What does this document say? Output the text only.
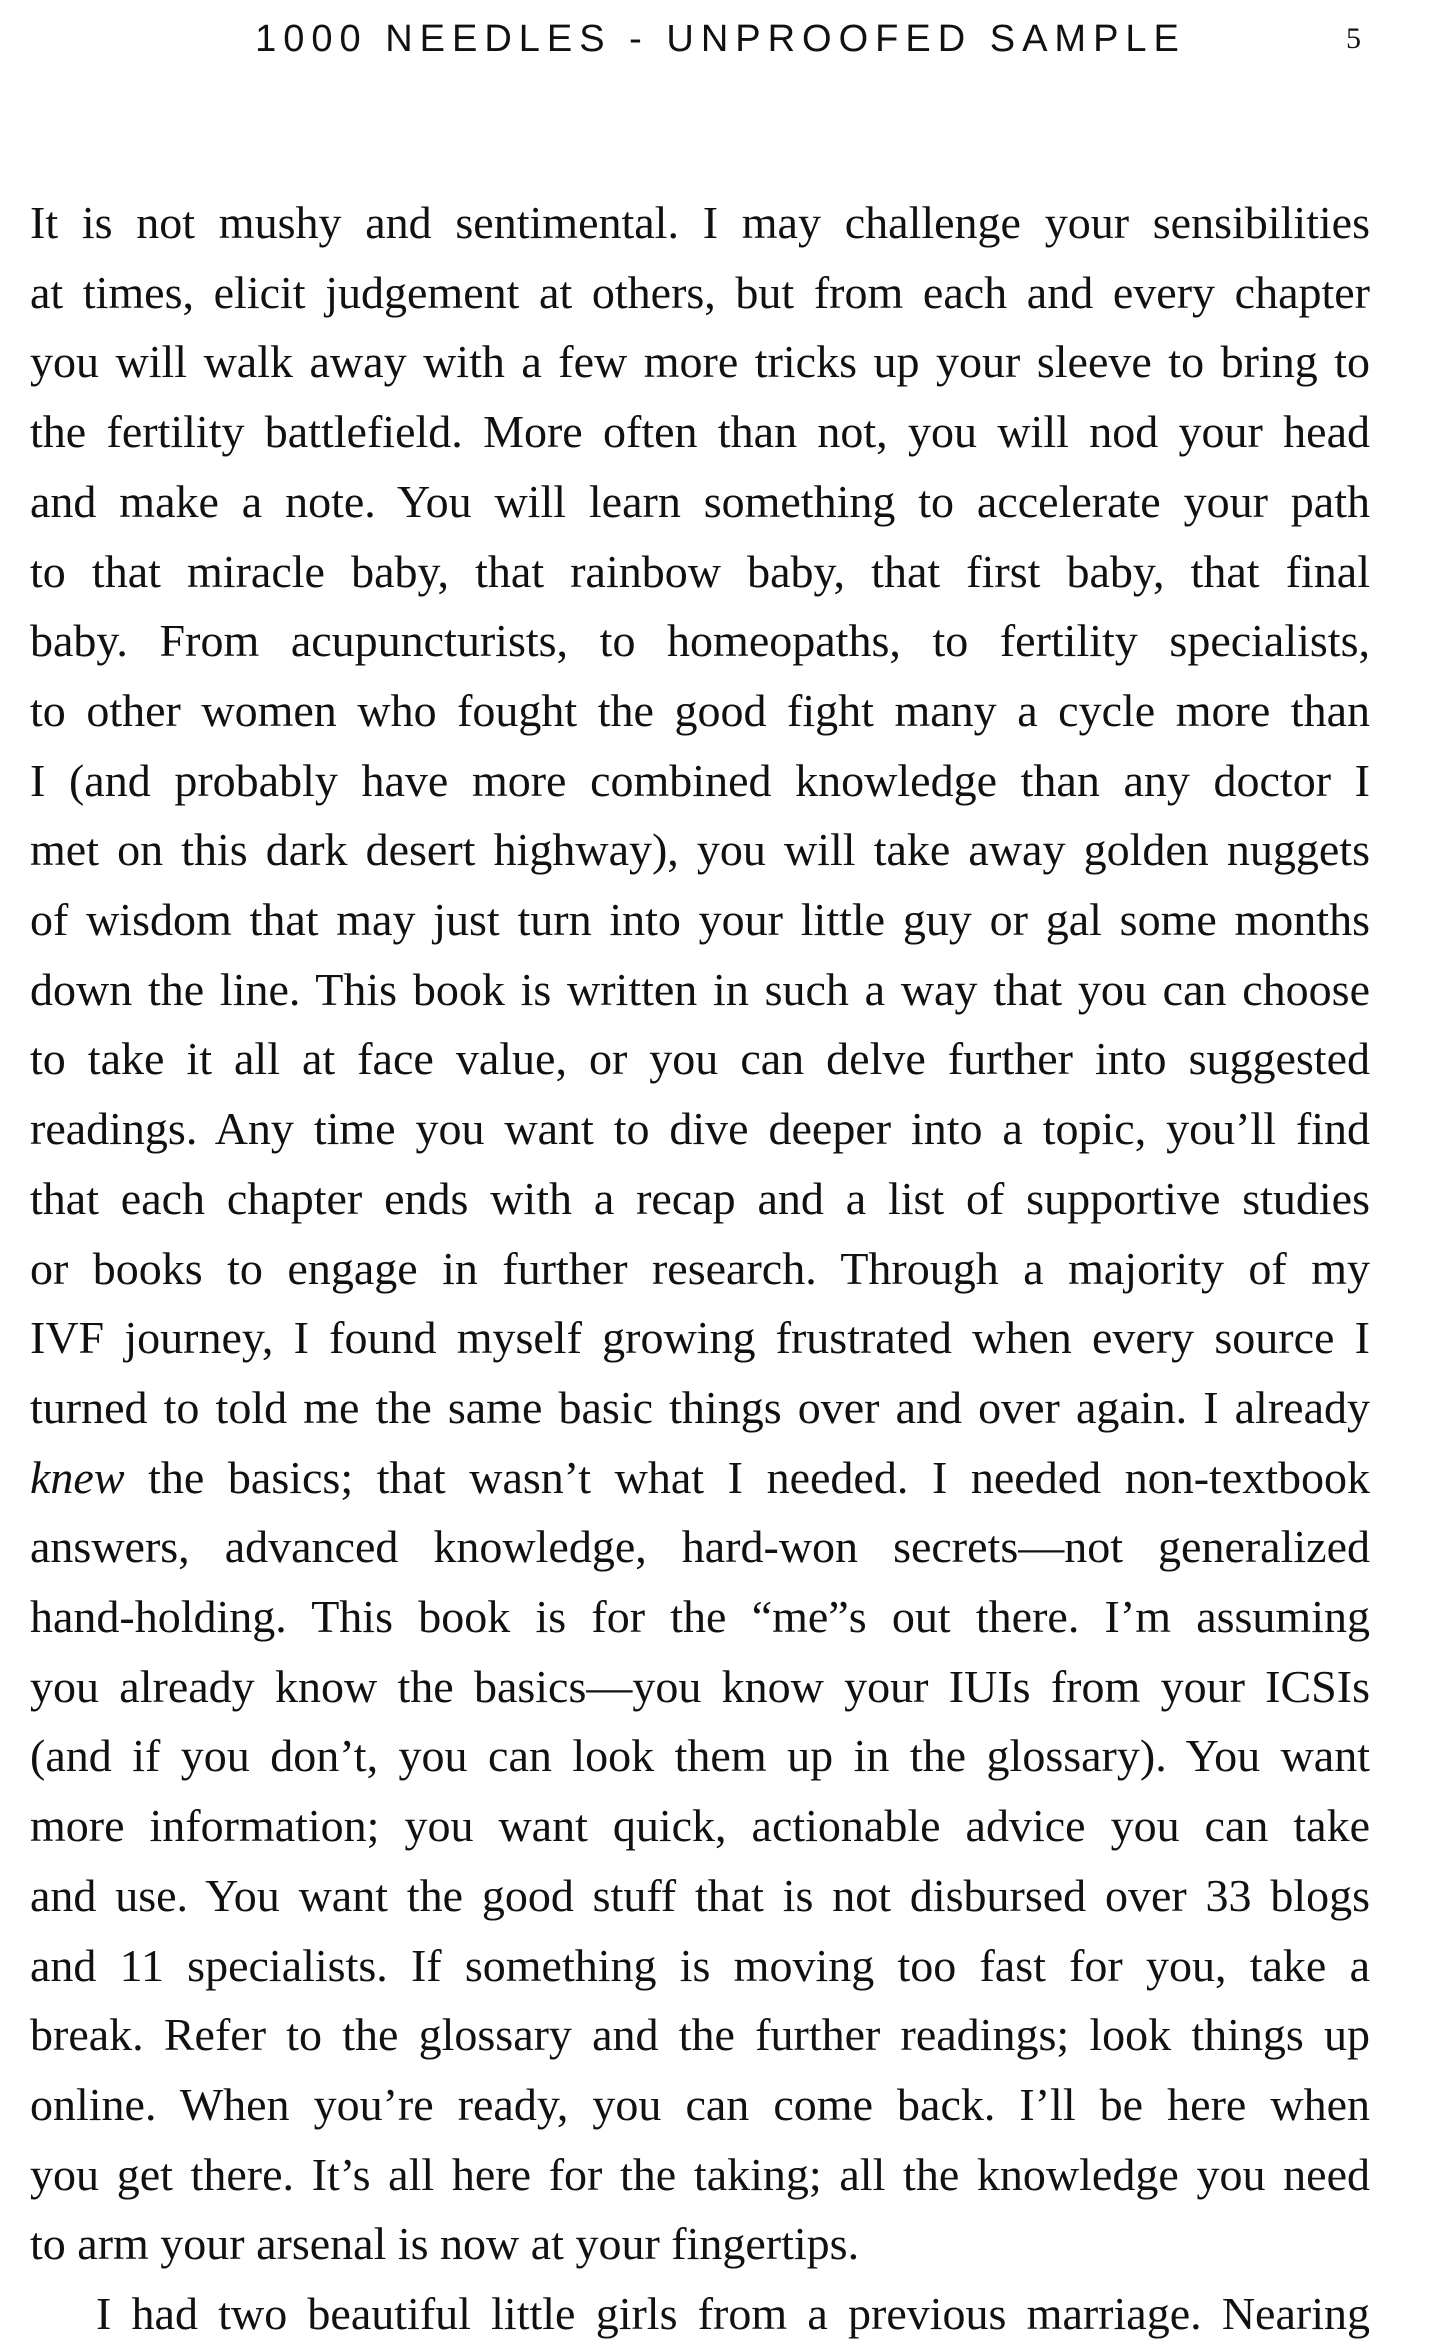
1000 NEEDLES - UNPROOFED SAMPLE	5
It is not mushy and sentimental. I may challenge your sensibilities
at times, elicit judgement at others, but from each and every chapter
you will walk away with a few more tricks up your sleeve to bring to
the fertility battlefield. More often than not, you will nod your head
and make a note. You will learn something to accelerate your path
to that miracle baby, that rainbow baby, that first baby, that final
baby. From acupuncturists, to homeopaths, to fertility specialists,
to other women who fought the good fight many a cycle more than
I (and probably have more combined knowledge than any doctor I
met on this dark desert highway), you will take away golden nuggets
of wisdom that may just turn into your little guy or gal some months
down the line. This book is written in such a way that you can choose
to take it all at face value, or you can delve further into suggested
readings. Any time you want to dive deeper into a topic, you’ll find
that each chapter ends with a recap and a list of supportive studies
or books to engage in further research. Through a majority of my
IVF journey, I found myself growing frustrated when every source I
turned to told me the same basic things over and over again. I already
knew the basics; that wasn’t what I needed. I needed non-textbook
answers, advanced knowledge, hard-won secrets—not generalized
hand-holding. This book is for the “me”s out there. I’m assuming
you already know the basics—you know your IUIs from your ICSIs
(and if you don’t, you can look them up in the glossary). You want
more information; you want quick, actionable advice you can take
and use. You want the good stuff that is not disbursed over 33 blogs
and 11 specialists. If something is moving too fast for you, take a
break. Refer to the glossary and the further readings; look things up
online. When you’re ready, you can come back. I’ll be here when
you get there. It’s all here for the taking; all the knowledge you need
to arm your arsenal is now at your fingertips.
I had two beautiful little girls from a previous marriage. Nearing
